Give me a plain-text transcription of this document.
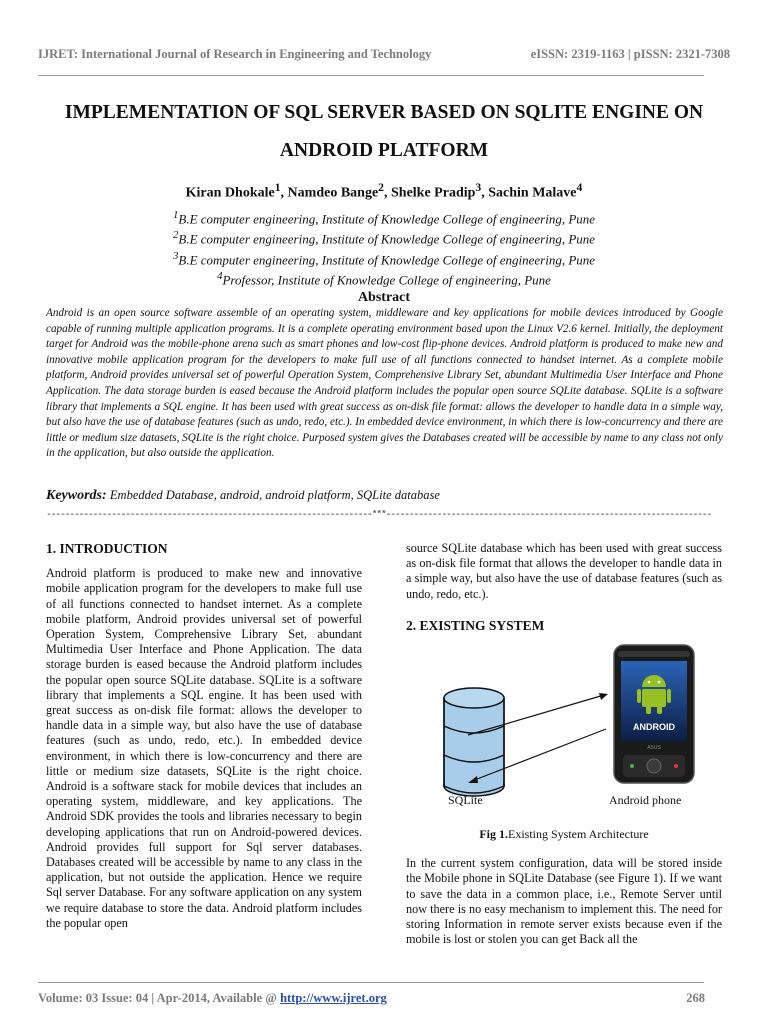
IJRET: International Journal of Research in Engineering and Technology	eISSN: 2319-1163 | pISSN: 2321-7308
IMPLEMENTATION OF SQL SERVER BASED ON SQLITE ENGINE ON
ANDROID PLATFORM
Kiran Dhokale$^1$, Namdeo Bange$^2$, Shelke Pradip$^3$, Sachin Malave$^4$
$^1$B.E computer engineering, Institute of Knowledge College of engineering, Pune
$^2$B.E computer engineering, Institute of Knowledge College of engineering, Pune
$^3$B.E computer engineering, Institute of Knowledge College of engineering, Pune
$^4$Professor, Institute of Knowledge College of engineering, Pune
Abstract
Android is an open source software assemble of an operating system, middleware and key applications for mobile devices introduced by Google capable of running multiple application programs. It is a complete operating environment based upon the Linux V2.6 kernel. Initially, the deployment target for Android was the mobile-phone arena such as smart phones and low-cost flip-phone devices. Android platform is produced to make new and innovative mobile application program for the developers to make full use of all functions connected to handset internet. As a complete mobile platform, Android provides universal set of powerful Operation System, Comprehensive Library Set, abundant Multimedia User Interface and Phone Application. The data storage burden is eased because the Android platform includes the popular open source SQLite database. SQLite is a software library that implements a SQL engine. It has been used with great success as on-disk file format: allows the developer to handle data in a simple way, but also have the use of database features (such as undo, redo, etc.). In embedded device environment, in which there is low-concurrency and there are little or medium size datasets, SQLite is the right choice. Purposed system gives the Databases created will be accessible by name to any class not only in the application, but also outside the application.
Keywords: Embedded Database, android, android platform, SQLite database
----------------------------------------------------------------------***----------------------------------------------------------------------
1. INTRODUCTION

Android platform is produced to make new and innovative mobile application program for the developers to make full use of all functions connected to handset internet. As a complete mobile platform, Android provides universal set of powerful Operation System, Comprehensive Library Set, abundant Multimedia User Interface and Phone Application. The data storage burden is eased because the Android platform includes the popular open source SQLite database. SQLite is a software library that implements a SQL engine. It has been used with great success as on-disk file format: allows the developer to handle data in a simple way, but also have the use of database features (such as undo, redo, etc.). In embedded device environment, in which there is low-concurrency and there are little or medium size datasets, SQLite is the right choice. Android is a software stack for mobile devices that includes an operating system, middleware, and key applications. The Android SDK provides the tools and libraries necessary to begin developing applications that run on Android-powered devices. Android provides full support for Sql server databases. Databases created will be accessible by name to any class in the application, but not outside the application. Hence we require Sql server Database. For any software application on any system we require database to store the data. Android platform includes the popular open

source SQLite database which has been used with great success as on-disk file format that allows the developer to handle data in a simple way, but also have the use of database features (such as undo, redo, etc.).

2. EXISTING SYSTEM
ANDROID
ASUS
SQLite	Android phone
Fig 1.Existing System Architecture

In the current system configuration, data will be stored inside the Mobile phone in SQLite Database (see Figure 1). If we want to save the data in a common place, i.e., Remote Server until now there is no easy mechanism to implement this. The need for storing Information in remote server exists because even if the mobile is lost or stolen you can get Back all the

Volume: 03 Issue: 04 | Apr-2014, Available @ http://www.ijret.org	268
